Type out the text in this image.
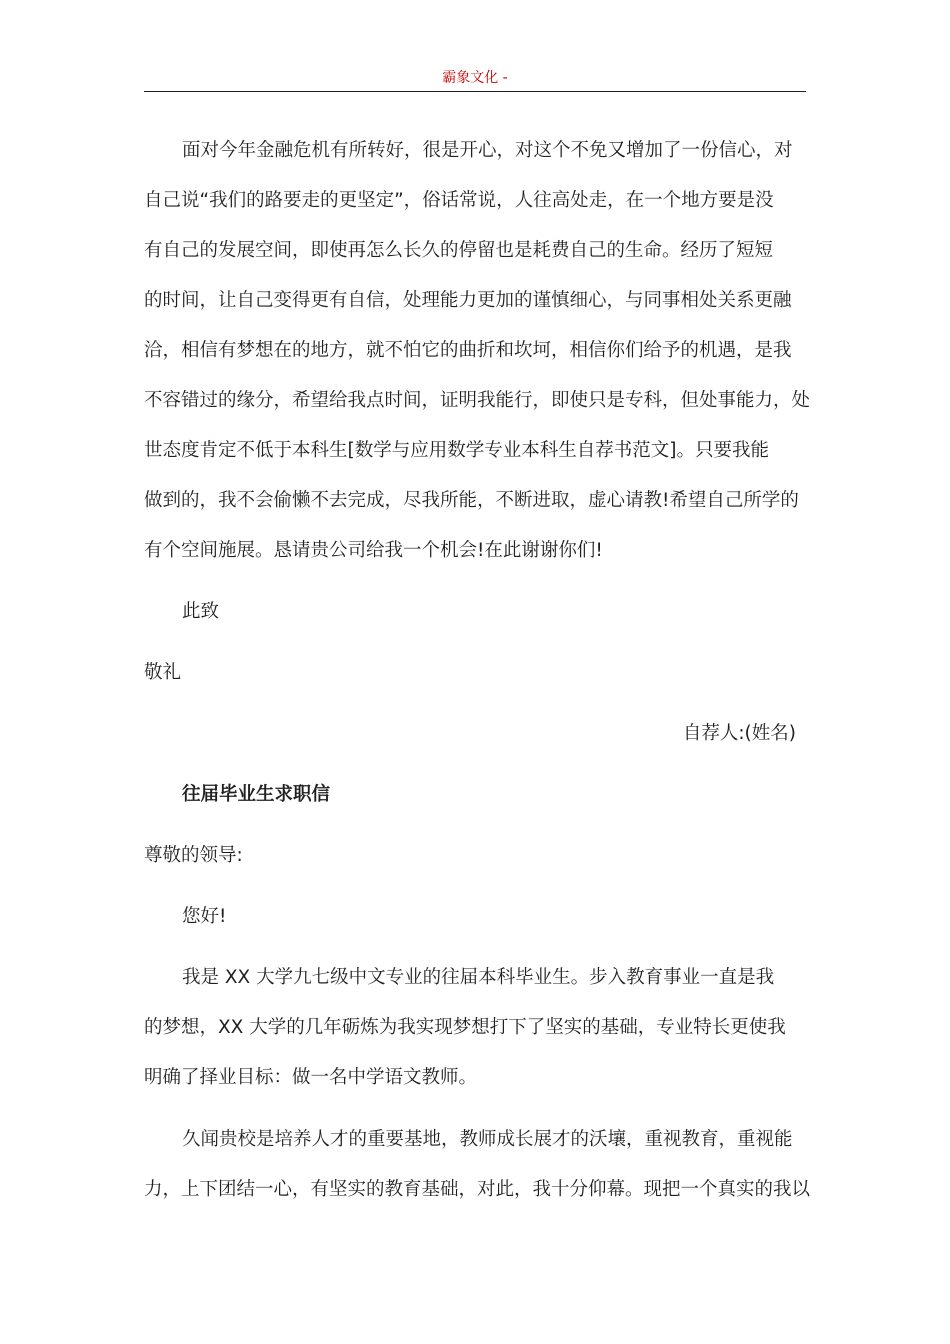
霸象文化 -

面对今年金融危机有所转好，很是开心，对这个不免又增加了一份信心，对

自己说“我们的路要走的更坚定”，俗话常说，人往高处走，在一个地方要是没

有自己的发展空间，即使再怎么长久的停留也是耗费自己的生命。经历了短短

的时间，让自己变得更有自信，处理能力更加的谨慎细心，与同事相处关系更融

洽，相信有梦想在的地方，就不怕它的曲折和坎坷，相信你们给予的机遇，是我

不容错过的缘分，希望给我点时间，证明我能行，即使只是专科，但处事能力，处

世态度肯定不低于本科生[数学与应用数学专业本科生自荐书范文]。只要我能

做到的，我不会偷懒不去完成，尽我所能，不断进取，虚心请教!希望自己所学的

有个空间施展。恳请贵公司给我一个机会!在此谢谢你们!

此致

敬礼

自荐人:(姓名)

往届毕业生求职信

尊敬的领导:

您好!

我是 XX 大学九七级中文专业的往届本科毕业生。步入教育事业一直是我

的梦想，XX 大学的几年砺炼为我实现梦想打下了坚实的基础，专业特长更使我

明确了择业目标：做一名中学语文教师。

久闻贵校是培养人才的重要基地，教师成长展才的沃壤，重视教育，重视能

力，上下团结一心，有坚实的教育基础，对此，我十分仰幕。现把一个真实的我以
